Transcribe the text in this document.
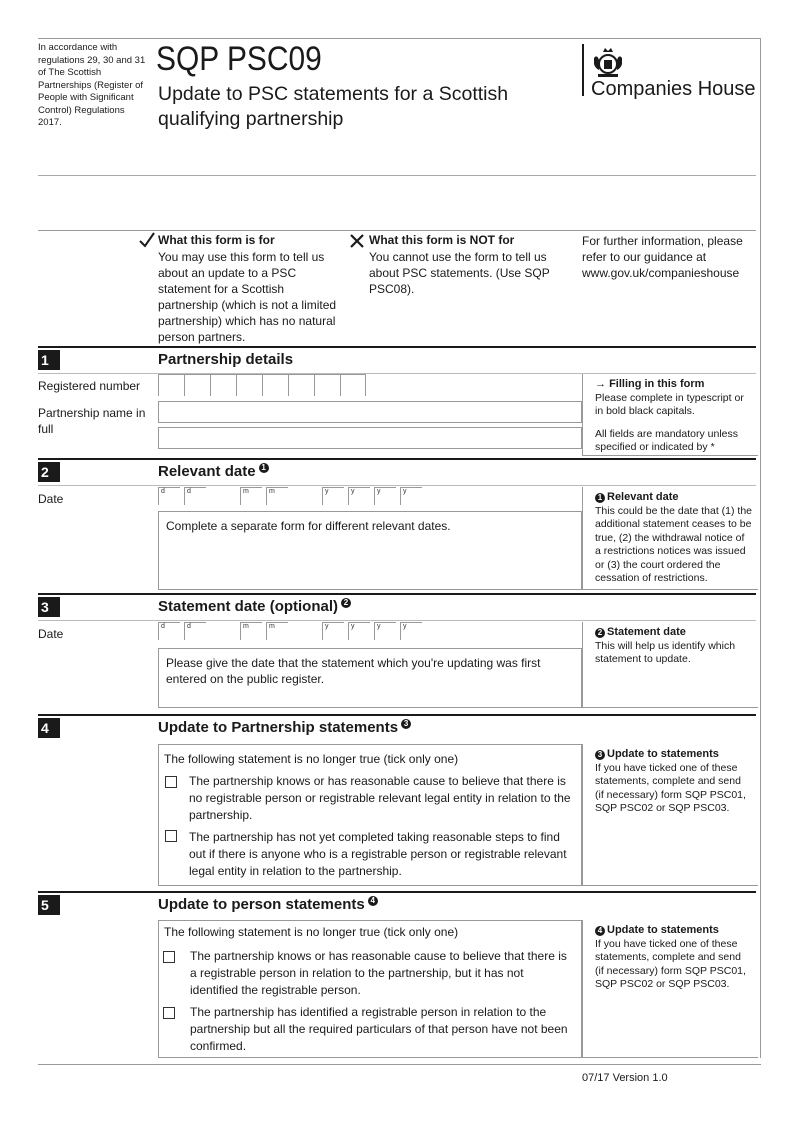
In accordance with regulations 29, 30 and 31 of The Scottish Partnerships (Register of People with Significant Control) Regulations 2017.
SQP PSC09
Update to PSC statements for a Scottish qualifying partnership
Companies House
What this form is for
You may use this form to tell us about an update to a PSC statement for a Scottish partnership (which is not a limited partnership) which has no natural person partners.
What this form is NOT for
You cannot use the form to tell us about PSC statements. (Use SQP PSC08).
For further information, please refer to our guidance at www.gov.uk/companieshouse
1	Partnership details
Registered number
Partnership name in full
→ Filling in this form
Please complete in typescript or in bold black capitals.
All fields are mandatory unless specified or indicated by *
2	Relevant date 1
Date
d	d	m	m	y	y	y	y
Complete a separate form for different relevant dates.
1 Relevant date
This could be the date that (1) the additional statement ceases to be true, (2) the withdrawal notice of a restrictions notices was issued or (3) the court ordered the cessation of restrictions.
3	Statement date (optional) 2
Date
d	d	m	m	y	y	y	y
Please give the date that the statement which you're updating was first entered on the public register.
2 Statement date
This will help us identify which statement to update.
4	Update to Partnership statements 3
The following statement is no longer true (tick only one)
The partnership knows or has reasonable cause to believe that there is no registrable person or registrable relevant legal entity in relation to the partnership.
The partnership has not yet completed taking reasonable steps to find out if there is anyone who is a registrable person or registrable relevant legal entity in relation to the partnership.
3 Update to statements
If you have ticked one of these statements, complete and send (if necessary) form SQP PSC01, SQP PSC02 or SQP PSC03.
5	Update to person statements 4
The following statement is no longer true (tick only one)
The partnership knows or has reasonable cause to believe that there is a registrable person in relation to the partnership, but it has not identified the registrable person.
The partnership has identified a registrable person in relation to the partnership but all the required particulars of that person have not been confirmed.
4 Update to statements
If you have ticked one of these statements, complete and send (if necessary) form SQP PSC01, SQP PSC02 or SQP PSC03.
07/17 Version 1.0
